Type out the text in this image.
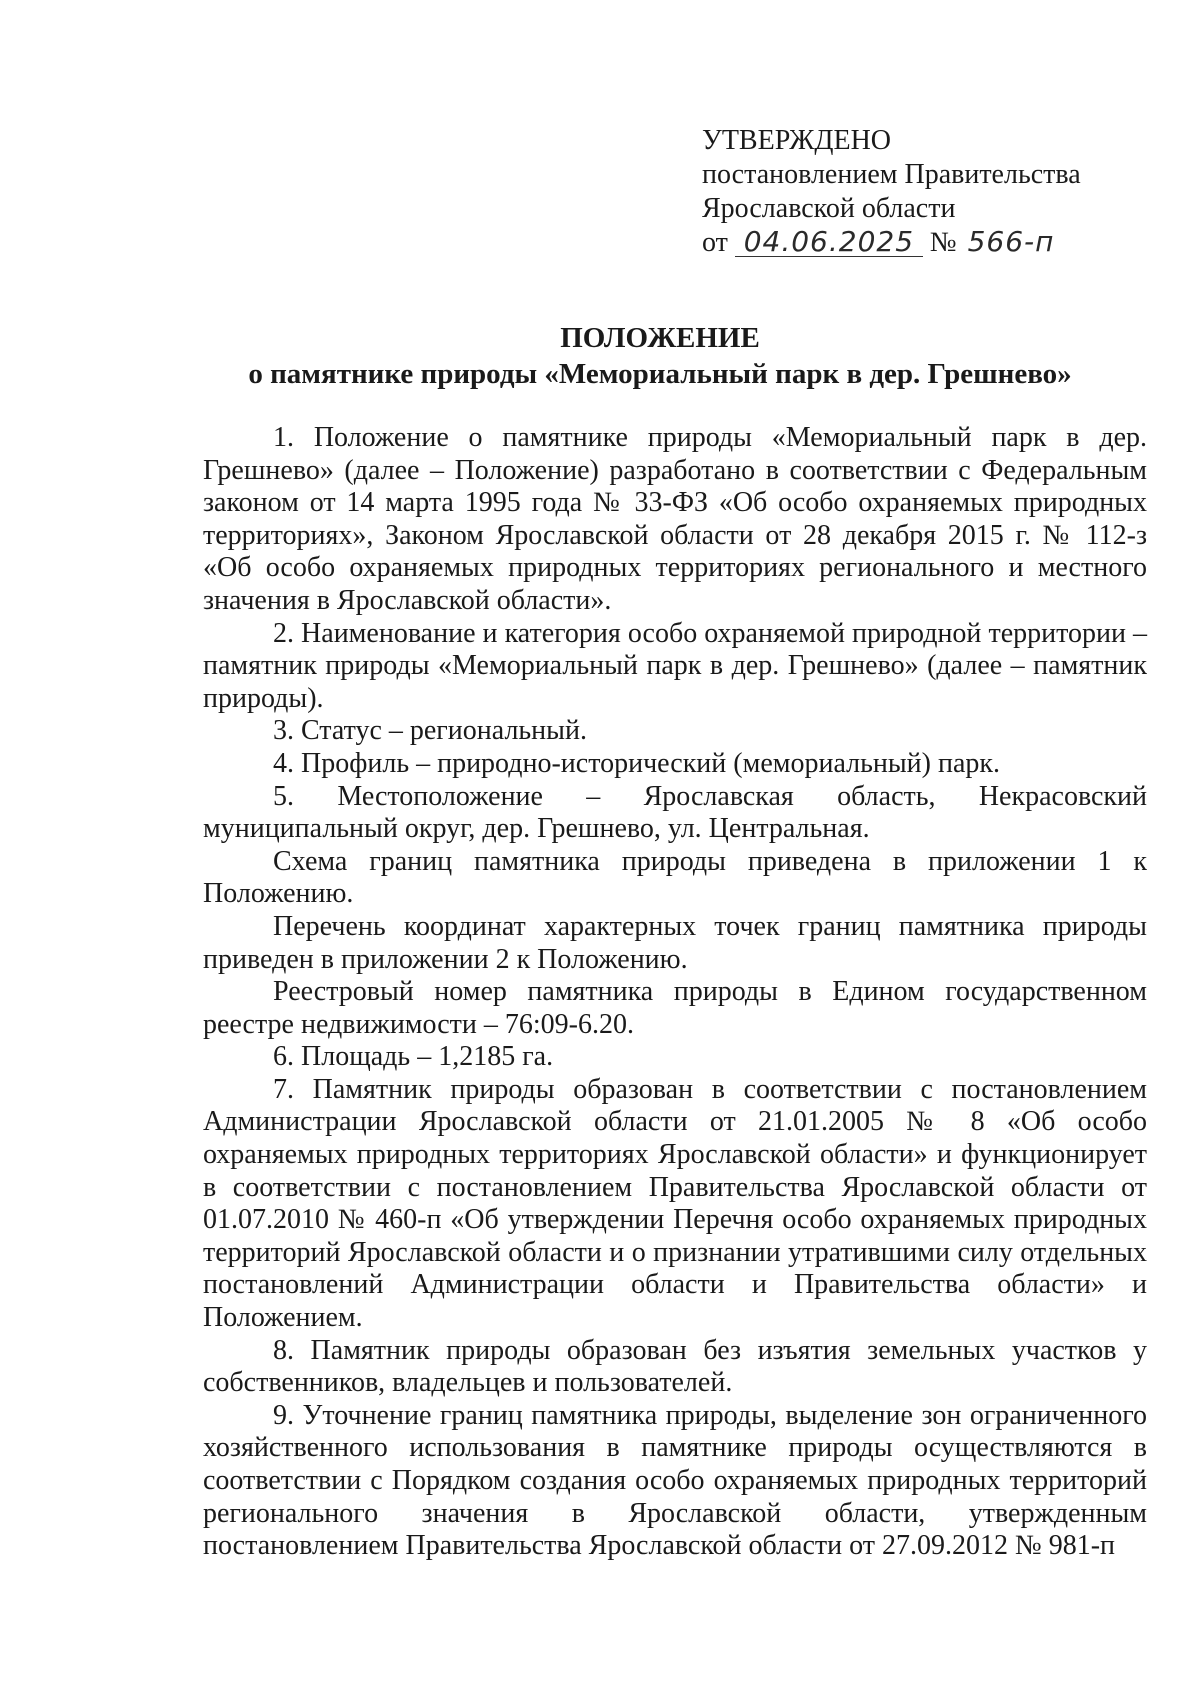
УТВЕРЖДЕНО
постановлением Правительства
Ярославской области
от 04.06.2025 № 566-п
ПОЛОЖЕНИЕ
о памятнике природы «Мемориальный парк в дер. Грешнево»

1. Положение о памятнике природы «Мемориальный парк в дер. Грешнево» (далее – Положение) разработано в соответствии с Федеральным законом от 14 марта 1995 года № 33-ФЗ «Об особо охраняемых природных территориях», Законом Ярославской области от 28 декабря 2015 г. № 112-з «Об особо охраняемых природных территориях регионального и местного значения в Ярославской области».

2. Наименование и категория особо охраняемой природной территории – памятник природы «Мемориальный парк в дер. Грешнево» (далее – памятник природы).

3. Статус – региональный.

4. Профиль – природно-исторический (мемориальный) парк.

5. Местоположение – Ярославская область, Некрасовский муниципальный округ, дер. Грешнево, ул. Центральная.

Схема границ памятника природы приведена в приложении 1 к Положению.

Перечень координат характерных точек границ памятника природы приведен в приложении 2 к Положению.

Реестровый номер памятника природы в Едином государственном реестре недвижимости – 76:09-6.20.

6. Площадь – 1,2185 га.

7. Памятник природы образован в соответствии с постановлением Администрации Ярославской области от 21.01.2005 № 8 «Об особо охраняемых природных территориях Ярославской области» и функционирует в соответствии с постановлением Правительства Ярославской области от 01.07.2010 № 460-п «Об утверждении Перечня особо охраняемых природных территорий Ярославской области и о признании утратившими силу отдельных постановлений Администрации области и Правительства области» и Положением.

8. Памятник природы образован без изъятия земельных участков у собственников, владельцев и пользователей.

9. Уточнение границ памятника природы, выделение зон ограниченного хозяйственного использования в памятнике природы осуществляются в соответствии с Порядком создания особо охраняемых природных территорий регионального значения в Ярославской области, утвержденным постановлением Правительства Ярославской области от 27.09.2012 № 981-п
